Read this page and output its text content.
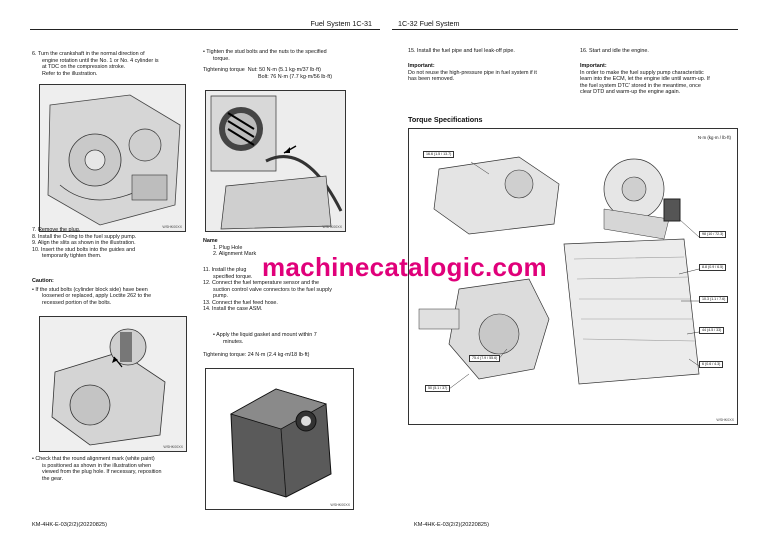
Fuel System 1C-31
6. Turn the crankshaft in the normal direction of
engine rotation until the No. 1 or No. 4 cylinder is
at TDC on the compression stroke.
Refer to the illustration.
WSHK00XX
7. Remove the plug.
8. Install the O-ring to the fuel supply pump.
9. Align the slits as shown in the illustration.
10. Insert the stud bolts into the guides and
temporarily tighten them.
Caution:
• If the stud bolts (cylinder block side) have been
loosened or replaced, apply Loctite 262 to the
recessed portion of the bolts.
WSHK00XX
• Check that the round alignment mark (white paint)
is positioned as shown in the illustration when
viewed from the plug hole. If necessary, reposition
the gear.
• Tighten the stud bolts and the nuts to the specified
torque.
Tightening torque Nut: 50 N·m (5.1 kg·m/37 lb·ft)
Bolt: 76 N·m (7.7 kg·m/56 lb·ft)
WSHK00XX
Name
1. Plug Hole
2. Alignment Mark
11. Install the plug
specified torque.
12. Connect the fuel temperature sensor and the
suction control valve connectors to the fuel supply
pump.
13. Connect the fuel feed hose.
14. Install the case ASM.
• Apply the liquid gasket and mount within 7
minutes.
Tightening torque: 24 N·m (2.4 kg·m/18 lb·ft)
WSHK00XX
KM-4HK-E-03(2/2)(20220825)
1C-32 Fuel System
15. Install the fuel pipe and fuel leak-off pipe.
Important:
Do not reuse the high-pressure pipe in fuel system if it
has been removed.
16. Start and idle the engine.
Important:
In order to make the fuel supply pump characteristic
learn into the ECM, let the engine idle until warm-up. If
the fuel system DTC' stored in the meantime, once
clear DTD and warm-up the engine again.
N·m (kg·m / lb·ft)
16.6 (1.5 / 13.7)
98 (10 / 72.3)
8.8 (0.9 / 6.5)
10.3 (1.1 / 7.6)
44 (4.5 / 33)
6 (0.6 / 4.3)
75.4 (7.9 / 55.6)
50 (5.1 / 37)
WSHK0XX
KM-4HK-E-03(2/2)(20220825)
Torque Specifications
machinecatalogic.com
